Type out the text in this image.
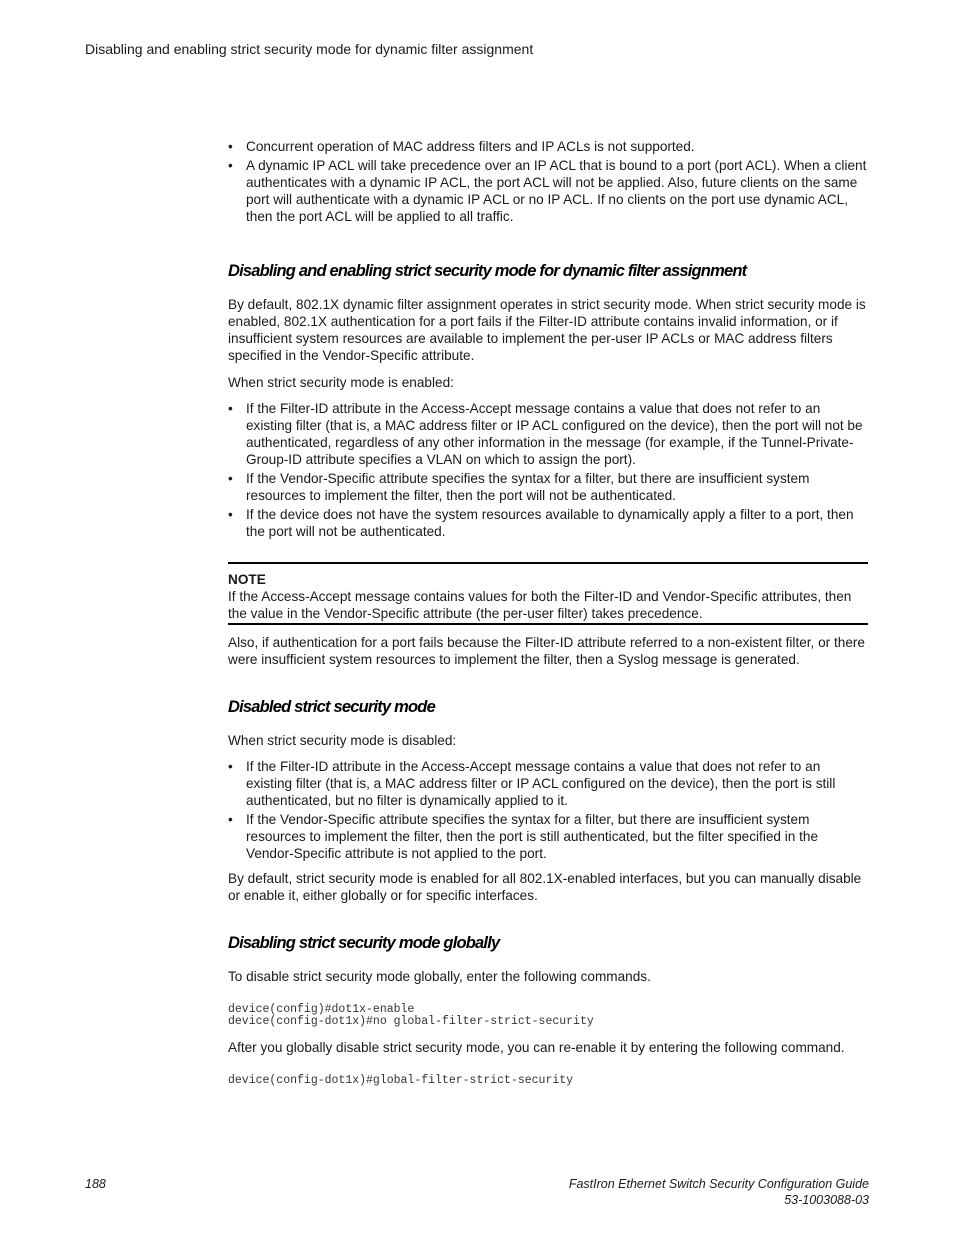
Disabling and enabling strict security mode for dynamic filter assignment
• Concurrent operation of MAC address filters and IP ACLs is not supported.
• A dynamic IP ACL will take precedence over an IP ACL that is bound to a port (port ACL). When a client authenticates with a dynamic IP ACL, the port ACL will not be applied. Also, future clients on the same port will authenticate with a dynamic IP ACL or no IP ACL. If no clients on the port use dynamic ACL, then the port ACL will be applied to all traffic.
Disabling and enabling strict security mode for dynamic filter assignment

By default, 802.1X dynamic filter assignment operates in strict security mode. When strict security mode is enabled, 802.1X authentication for a port fails if the Filter-ID attribute contains invalid information, or if insufficient system resources are available to implement the per-user IP ACLs or MAC address filters specified in the Vendor-Specific attribute.

When strict security mode is enabled:

• If the Filter-ID attribute in the Access-Accept message contains a value that does not refer to an existing filter (that is, a MAC address filter or IP ACL configured on the device), then the port will not be authenticated, regardless of any other information in the message (for example, if the Tunnel-Private-Group-ID attribute specifies a VLAN on which to assign the port).
• If the Vendor-Specific attribute specifies the syntax for a filter, but there are insufficient system resources to implement the filter, then the port will not be authenticated.
• If the device does not have the system resources available to dynamically apply a filter to a port, then the port will not be authenticated.
NOTE

If the Access-Accept message contains values for both the Filter-ID and Vendor-Specific attributes, then the value in the Vendor-Specific attribute (the per-user filter) takes precedence.

Also, if authentication for a port fails because the Filter-ID attribute referred to a non-existent filter, or there were insufficient system resources to implement the filter, then a Syslog message is generated.

Disabled strict security mode

When strict security mode is disabled:

• If the Filter-ID attribute in the Access-Accept message contains a value that does not refer to an existing filter (that is, a MAC address filter or IP ACL configured on the device), then the port is still authenticated, but no filter is dynamically applied to it.
• If the Vendor-Specific attribute specifies the syntax for a filter, but there are insufficient system resources to implement the filter, then the port is still authenticated, but the filter specified in the Vendor-Specific attribute is not applied to the port.

By default, strict security mode is enabled for all 802.1X-enabled interfaces, but you can manually disable or enable it, either globally or for specific interfaces.

Disabling strict security mode globally

To disable strict security mode globally, enter the following commands.

device(config)#dot1x-enable
device(config-dot1x)#no global-filter-strict-security

After you globally disable strict security mode, you can re-enable it by entering the following command.

device(config-dot1x)#global-filter-strict-security
188	FastIron Ethernet Switch Security Configuration Guide
53-1003088-03
